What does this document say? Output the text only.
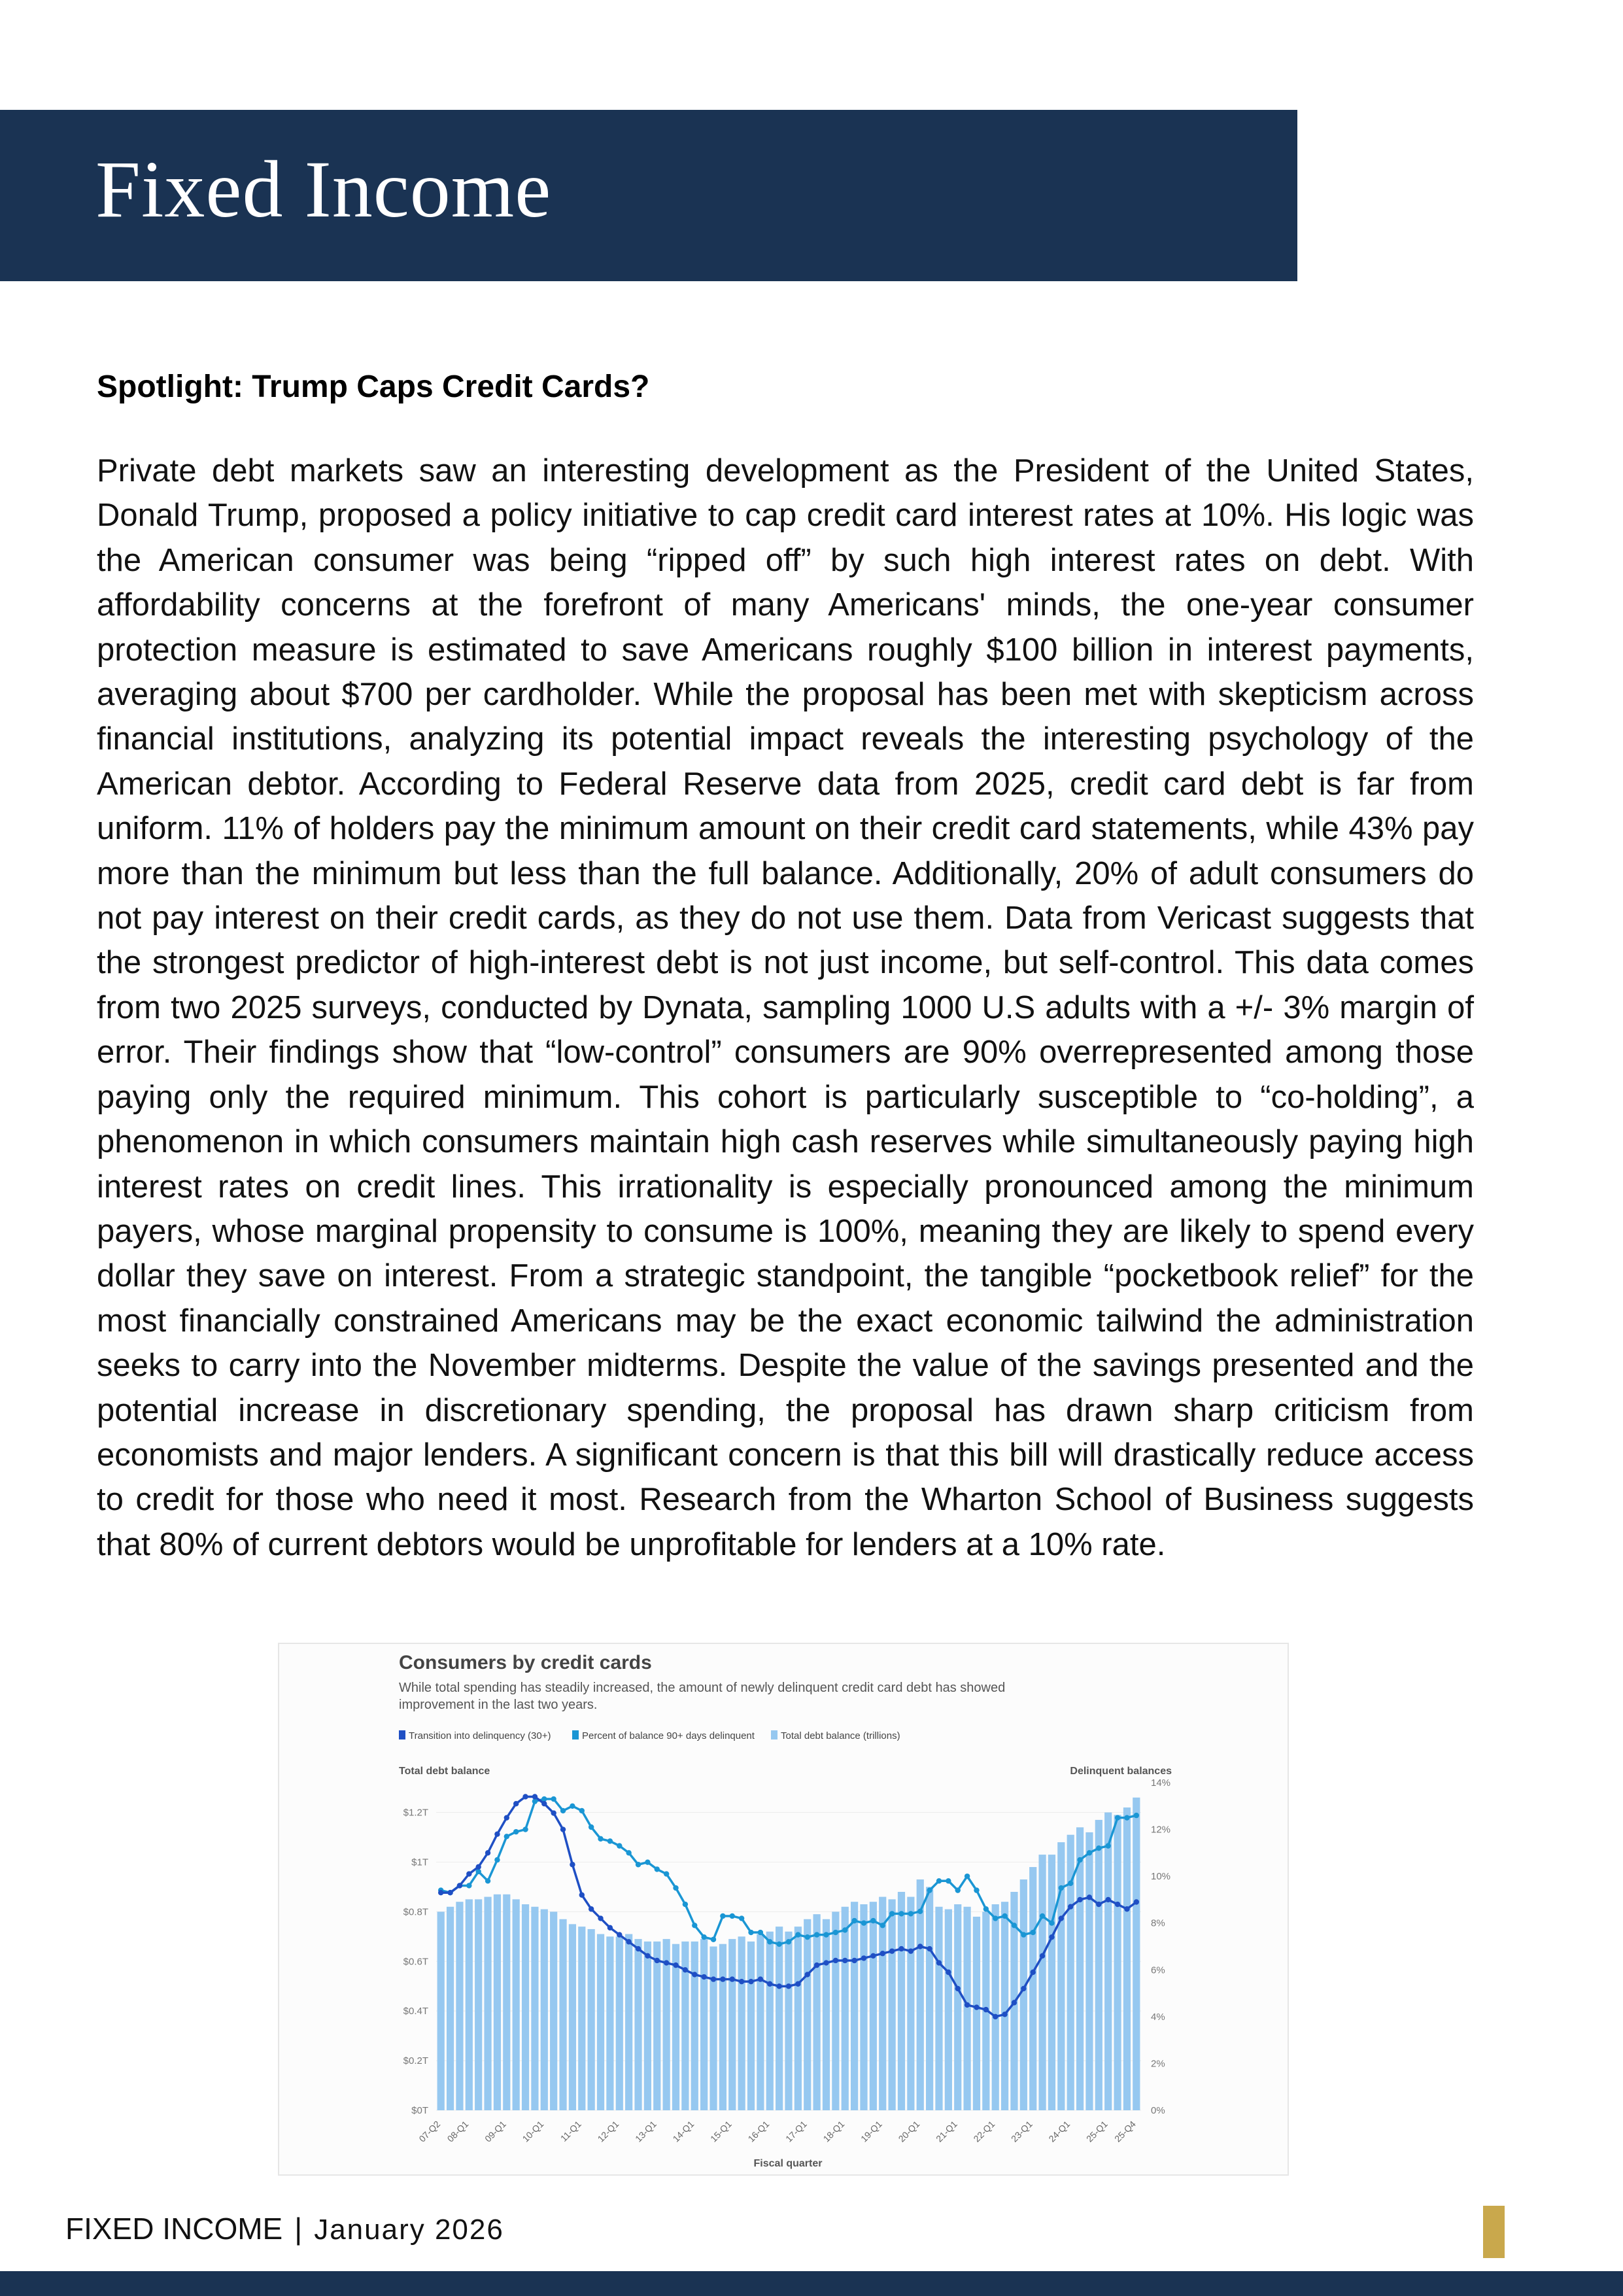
Fixed Income
Spotlight: Trump Caps Credit Cards?

Private debt markets saw an interesting development as the President of the United States, Donald Trump, proposed a policy initiative to cap credit card interest rates at 10%. His logic was the American consumer was being “ripped off” by such high interest rates on debt. With affordability concerns at the forefront of many Americans' minds, the one-year consumer protection measure is estimated to save Americans roughly $100 billion in interest payments, averaging about $700 per cardholder. While the proposal has been met with skepticism across financial institutions, analyzing its potential impact reveals the interesting psychology of the American debtor. According to Federal Reserve data from 2025, credit card debt is far from uniform. 11% of holders pay the minimum amount on their credit card statements, while 43% pay more than the minimum but less than the full balance. Additionally, 20% of adult consumers do not pay interest on their credit cards, as they do not use them. Data from Vericast suggests that the strongest predictor of high-interest debt is not just income, but self-control. This data comes from two 2025 surveys, conducted by Dynata, sampling 1000 U.S adults with a +/- 3% margin of error. Their findings show that “low-control” consumers are 90% overrepresented among those paying only the required minimum. This cohort is particularly susceptible to “co-holding”, a phenomenon in which consumers maintain high cash reserves while simultaneously paying high interest rates on credit lines. This irrationality is especially pronounced among the minimum payers, whose marginal propensity to consume is 100%, meaning they are likely to spend every dollar they save on interest. From a strategic standpoint, the tangible “pocketbook relief” for the most financially constrained Americans may be the exact economic tailwind the administration seeks to carry into the November midterms. Despite the value of the savings presented and the potential increase in discretionary spending, the proposal has drawn sharp criticism from economists and major lenders. A significant concern is that this bill will drastically reduce access to credit for those who need it most. Research from the Wharton School of Business suggests that 80% of current debtors would be unprofitable for lenders at a 10% rate.

Consumers by credit cards
While total spending has steadily increased, the amount of newly delinquent credit card debt has showed
improvement in the last two years.
Transition into delinquency (30+)	Percent of balance 90+ days delinquent	Total debt balance (trillions)
Total debt balance	Delinquent balances
Fiscal quarter
$0T
$0.2T
$0.4T
$0.6T
$0.8T
$1T
$1.2T
0%
2%
4%
6%
8%
10%
12%
14%
07-Q2 08-Q1 09-Q1 10-Q1 11-Q1 12-Q1 13-Q1 14-Q1 15-Q1 16-Q1 17-Q1 18-Q1 19-Q1 20-Q1 21-Q1 22-Q1 23-Q1 24-Q1 25-Q1 25-Q4
FIXED INCOME | January 2026
